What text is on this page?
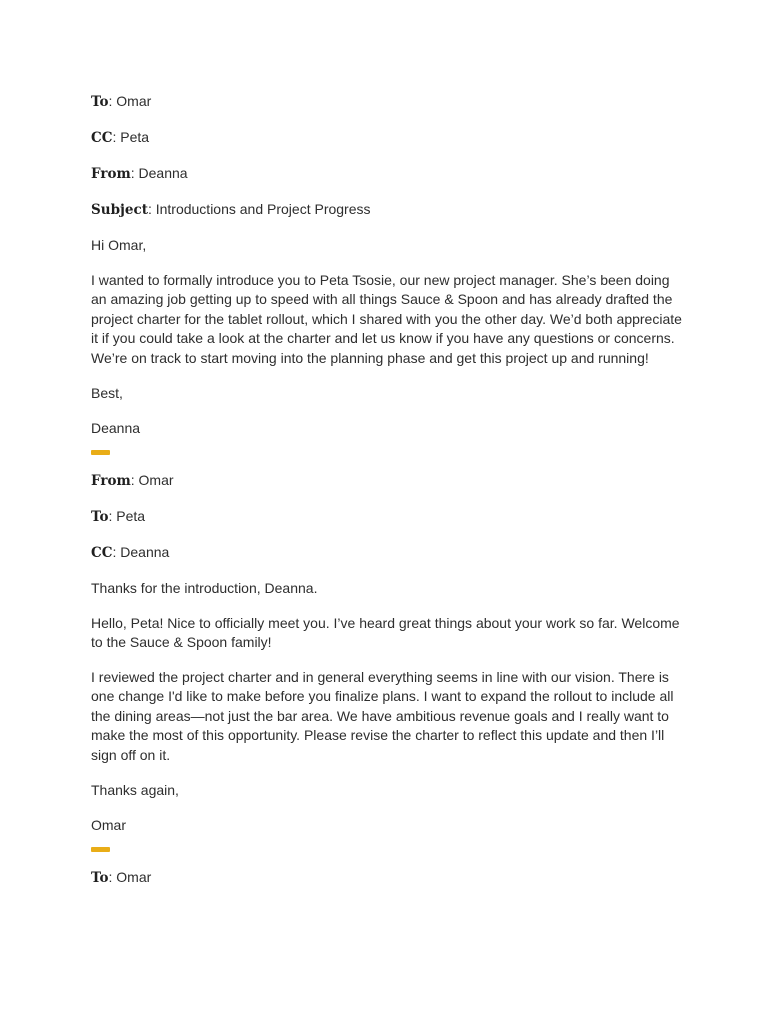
To: Omar

CC: Peta

From: Deanna

Subject: Introductions and Project Progress

Hi Omar,

I wanted to formally introduce you to Peta Tsosie, our new project manager. She’s been doing an amazing job getting up to speed with all things Sauce & Spoon and has already drafted the project charter for the tablet rollout, which I shared with you the other day. We’d both appreciate it if you could take a look at the charter and let us know if you have any questions or concerns. We’re on track to start moving into the planning phase and get this project up and running!

Best,

Deanna

From: Omar

To: Peta

CC: Deanna

Thanks for the introduction, Deanna.

Hello, Peta! Nice to officially meet you. I’ve heard great things about your work so far. Welcome to the Sauce & Spoon family!

I reviewed the project charter and in general everything seems in line with our vision. There is one change I'd like to make before you finalize plans. I want to expand the rollout to include all the dining areas—not just the bar area. We have ambitious revenue goals and I really want to make the most of this opportunity. Please revise the charter to reflect this update and then I’ll sign off on it.

Thanks again,

Omar

To: Omar
